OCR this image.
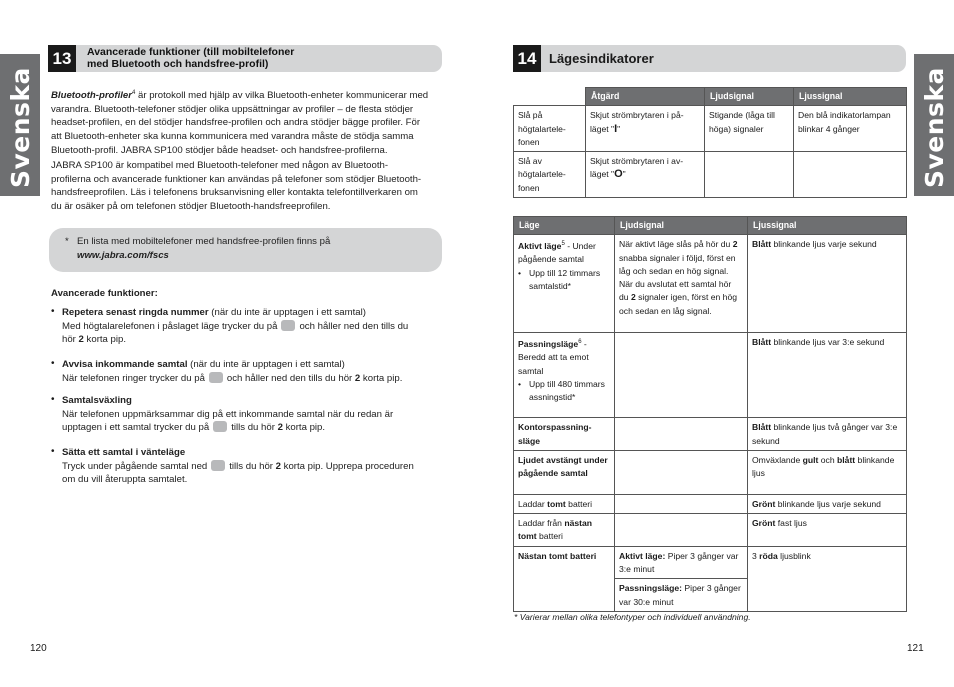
Svenska	Svenska
13	Avancerade funktioner (till mobiltelefoner
med Bluetooth och handsfree-profil)
Bluetooth-profiler$^4$ är protokoll med hjälp av vilka Bluetooth-enheter kommunicerar med
varandra. Bluetooth-telefoner stödjer olika uppsättningar av profiler – de flesta stödjer
headset-profilen, en del stödjer handsfree-profilen och andra stödjer bägge profiler. För
att Bluetooth-enheter ska kunna kommunicera med varandra måste de stödja samma
Bluetooth-profil. JABRA SP100 stödjer både headset- och handsfree-profilerna.
JABRA SP100 är kompatibel med Bluetooth-telefoner med någon av Bluetooth-
profilerna och avancerade funktioner kan användas på telefoner som stödjer Bluetooth-
handsfreeprofilen. Läs i telefonens bruksanvisning eller kontakta telefontillverkaren om
du är osäker på om telefonen stödjer Bluetooth-handsfreeprofilen.
* En lista med mobiltelefoner med handsfree-profilen finns på
www.jabra.com/fscs
Avancerade funktioner:
• Repetera senast ringda nummer (när du inte är upptagen i ett samtal)
Med högtalarelefonen i påslaget läge trycker du på och håller ned den tills du
hör 2 korta pip.
• Avvisa inkommande samtal (när du inte är upptagen i ett samtal)
När telefonen ringer trycker du på och håller ned den tills du hör 2 korta pip.
• Samtalsväxling
När telefonen uppmärksammar dig på ett inkommande samtal när du redan är
upptagen i ett samtal trycker du på tills du hör 2 korta pip.
• Sätta ett samtal i vänteläge
Tryck under pågående samtal ned tills du hör 2 korta pip. Upprepa proceduren
om du vill återuppta samtalet.
120
14 Lägesindikatorer
	Åtgärd	Ljudsignal	Ljussignal
Slå på högtalartele-fonen	Skjut strömbrytaren i på-
läget "I"	Stigande (låga till höga) signaler	Den blå indikatorlampan blinkar 4 gånger
Slå av högtalartele-fonen	Skjut strömbrytaren i av-
läget "O"		

Läge	Ljudsignal	Ljussignal
Aktivt läge$^5$ - Under pågående samtal
• Upp till 12 timmars samtalstid*	När aktivt läge slås på hör du 2 snabba signaler i följd, först en låg och sedan en hög signal. När du avslutat ett samtal hör du 2 signaler igen, först en hög och sedan en låg signal.	Blått blinkande ljus varje sekund
Passningsläge$^6$ - Beredd att ta emot samtal
• Upp till 480 timmars assningstid*		Blått blinkande ljus var 3:e sekund
Kontorspassning-släge		Blått blinkande ljus två gånger var 3:e sekund
Ljudet avstängt under pågående samtal		Omväxlande gult och blått blinkande ljus
Laddar tomt batteri		Grönt blinkande ljus varje sekund
Laddar från nästan tomt batteri		Grönt fast ljus
Nästan tomt batteri	Aktivt läge: Piper 3 gånger var 3:e minut	3 röda ljusblink
	Passningsläge: Piper 3 gånger var 30:e minut	
* Varierar mellan olika telefontyper och individuell användning.
121
